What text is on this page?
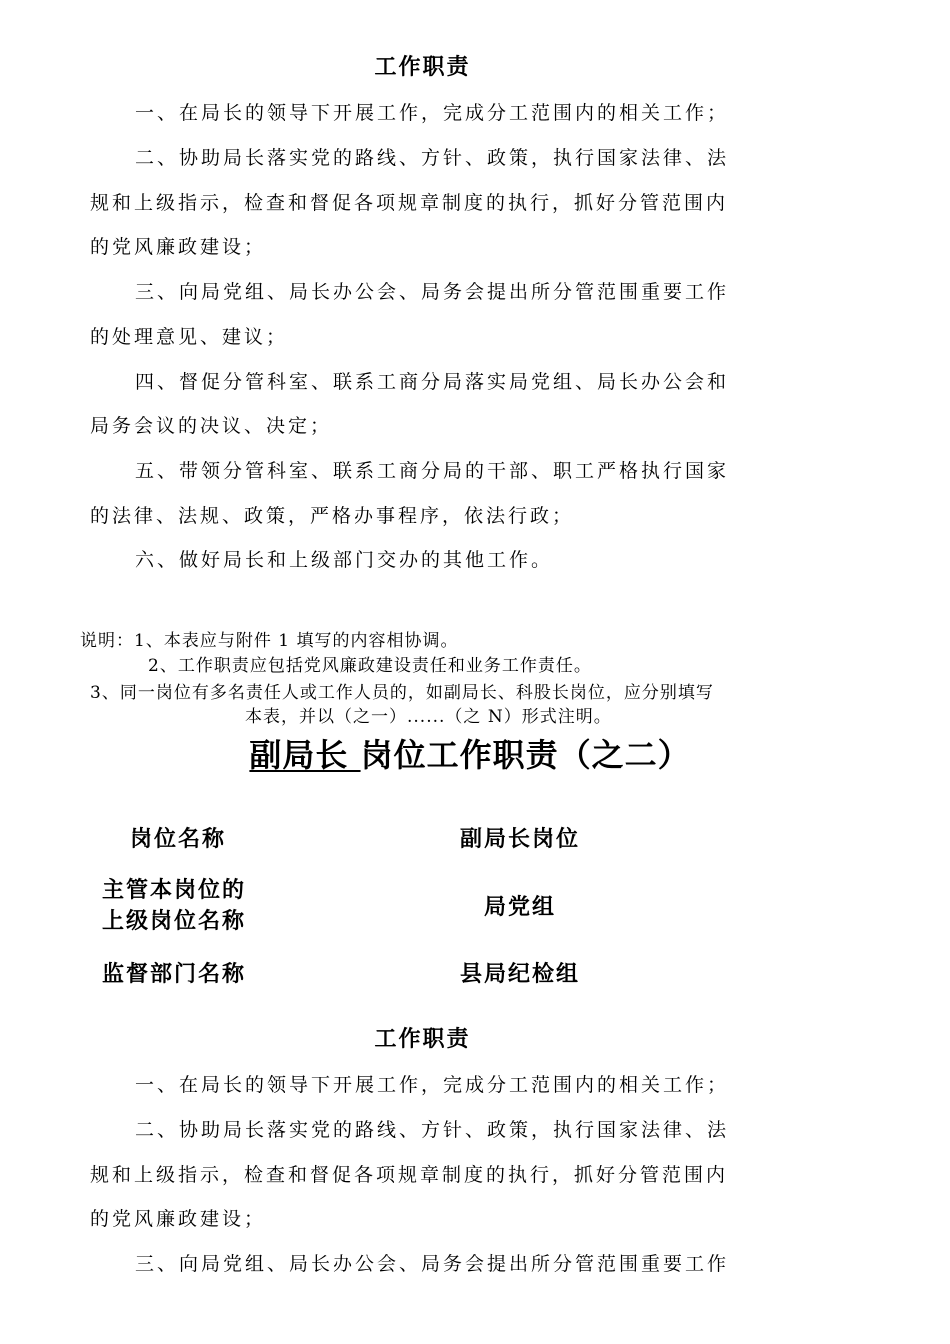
工作职责
一、在局长的领导下开展工作，完成分工范围内的相关工作；
二、协助局长落实党的路线、方针、政策，执行国家法律、法
规和上级指示，检查和督促各项规章制度的执行，抓好分管范围内
的党风廉政建设；
三、向局党组、局长办公会、局务会提出所分管范围重要工作
的处理意见、建议；
四、督促分管科室、联系工商分局落实局党组、局长办公会和
局务会议的决议、决定；
五、带领分管科室、联系工商分局的干部、职工严格执行国家
的法律、法规、政策，严格办事程序，依法行政；
六、做好局长和上级部门交办的其他工作。
说明：1、本表应与附件 1 填写的内容相协调。
2、工作职责应包括党风廉政建设责任和业务工作责任。
3、同一岗位有多名责任人或工作人员的，如副局长、科股长岗位，应分别填写
本表，并以（之一）......（之 N）形式注明。
副局长 岗位工作职责（之二）
岗位名称	副局长岗位
主管本岗位的
上级岗位名称
局党组
监督部门名称	县局纪检组
工作职责
一、在局长的领导下开展工作，完成分工范围内的相关工作；
二、协助局长落实党的路线、方针、政策，执行国家法律、法
规和上级指示，检查和督促各项规章制度的执行，抓好分管范围内
的党风廉政建设；
三、向局党组、局长办公会、局务会提出所分管范围重要工作
